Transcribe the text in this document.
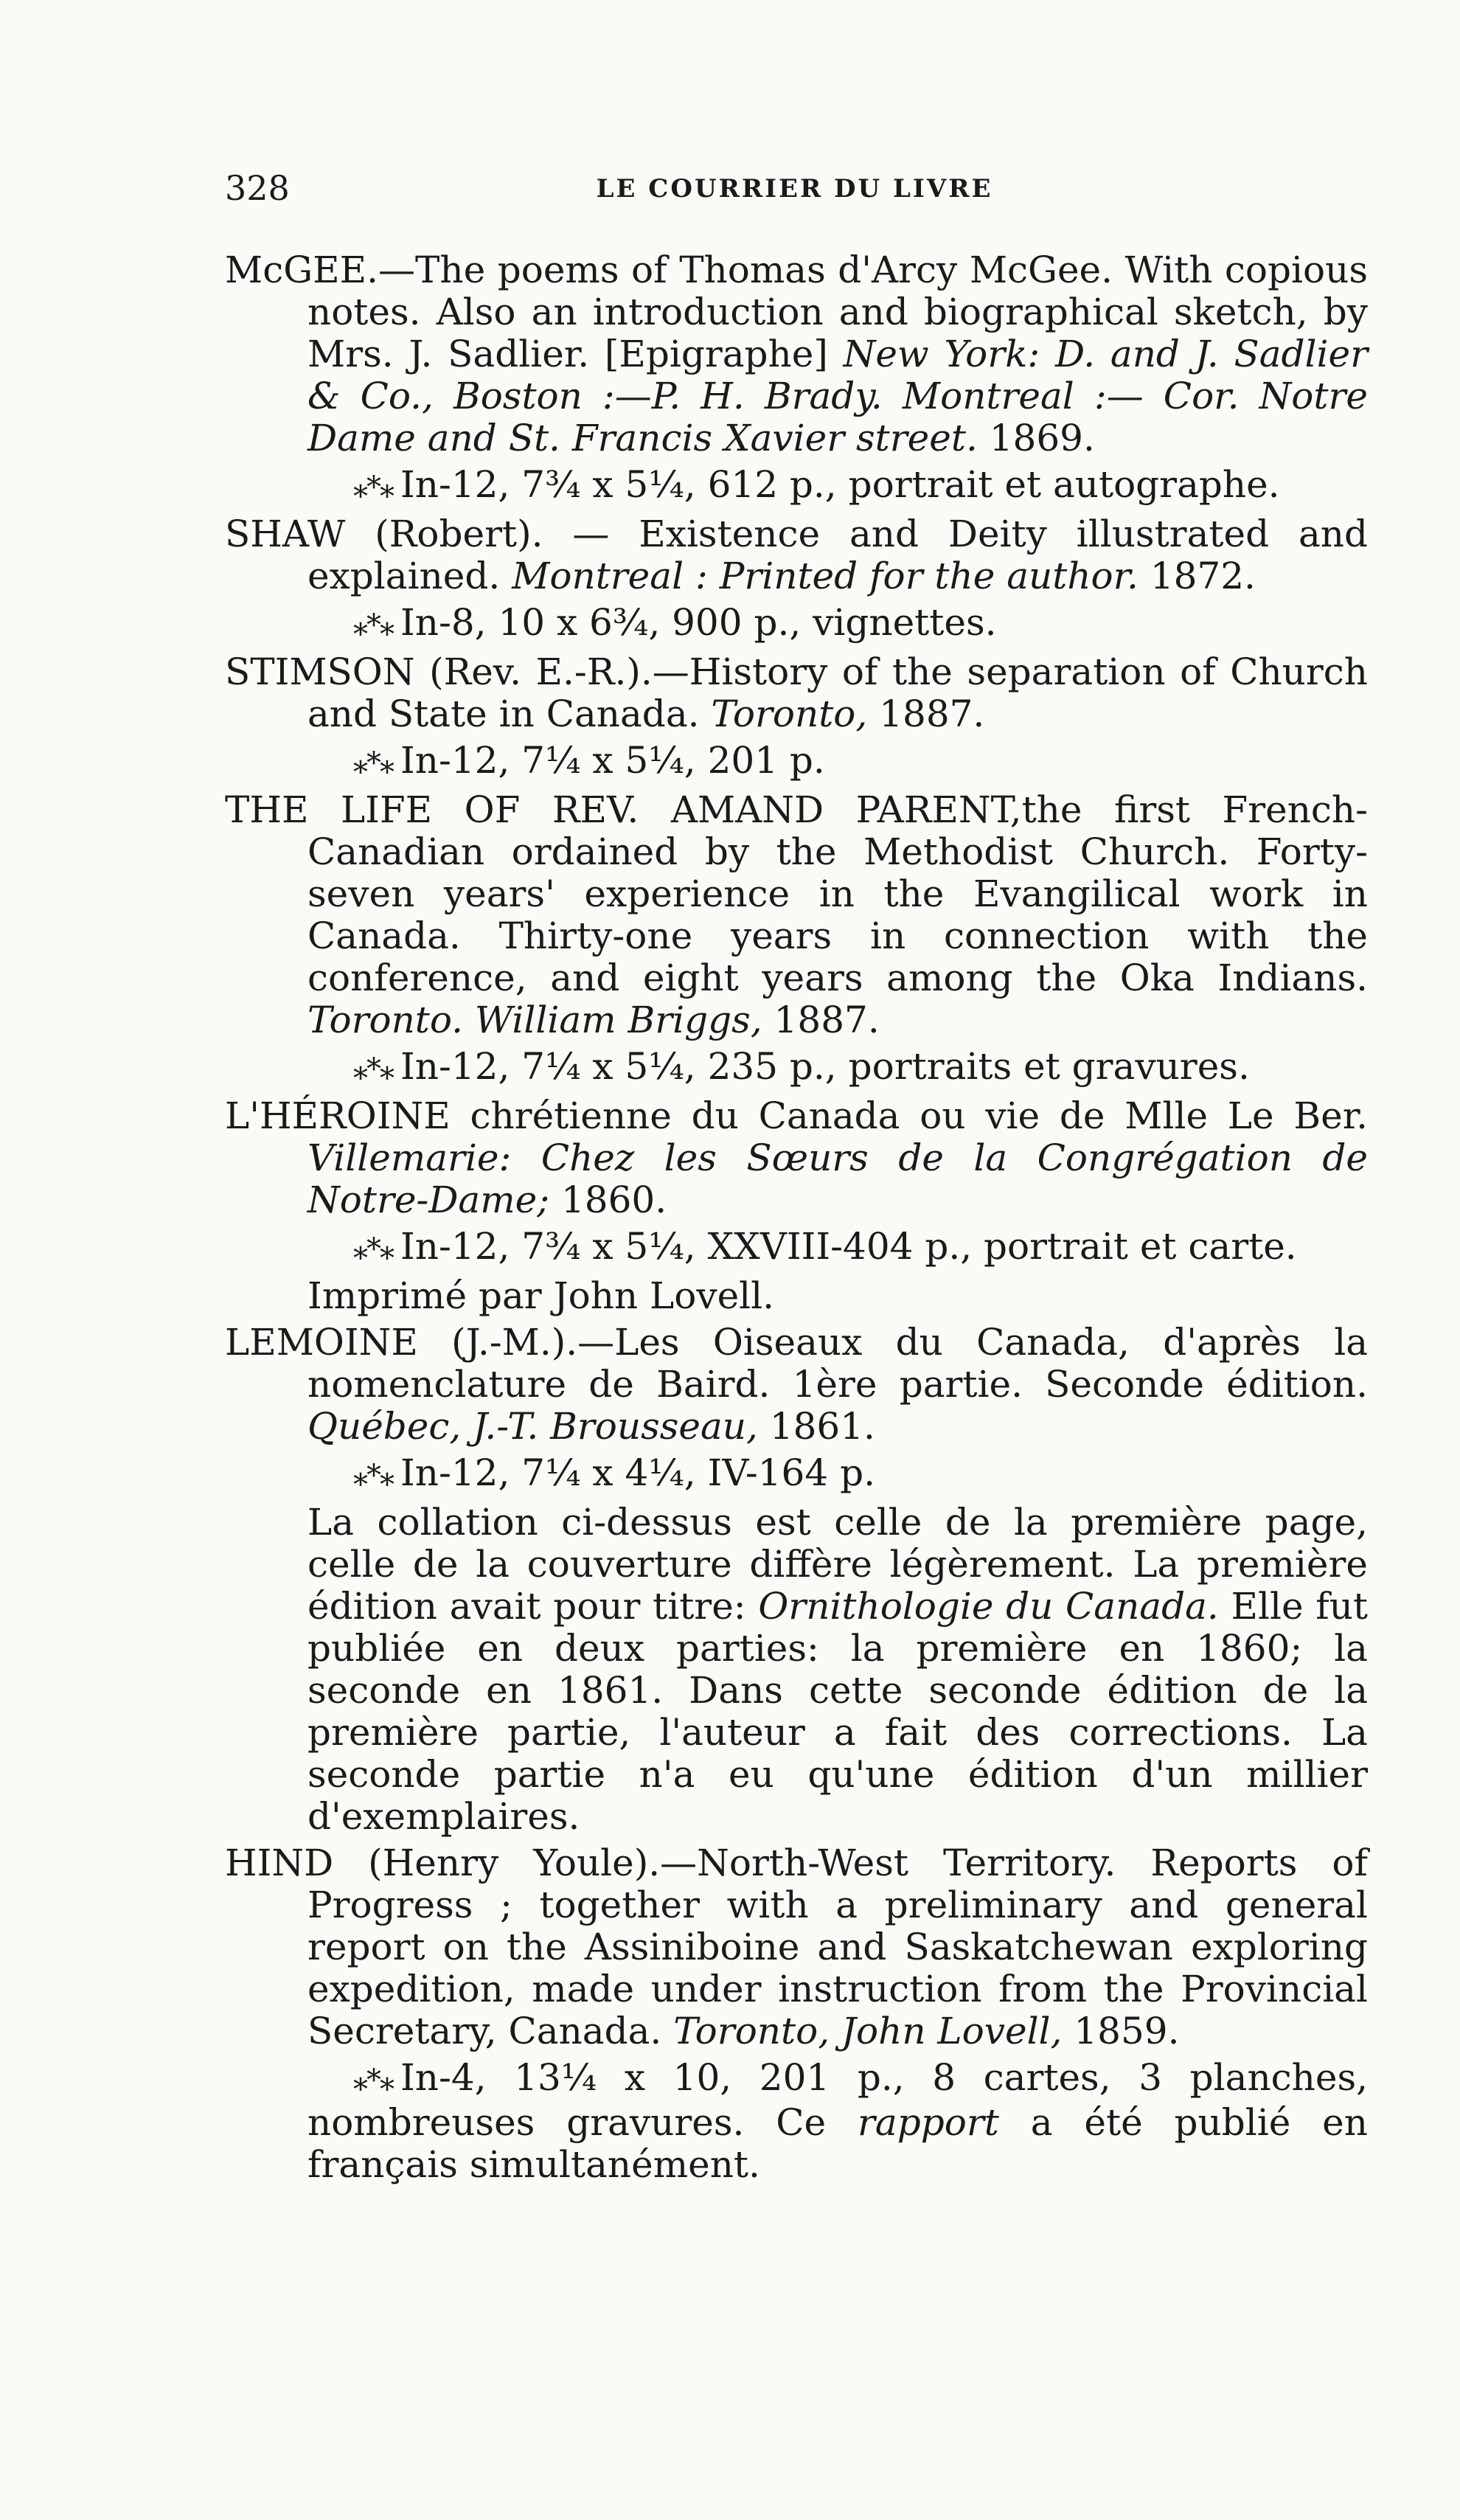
328	LE COURRIER DU LIVRE

McGEE.—The poems of Thomas d'Arcy McGee. With copious notes. Also an introduction and biographical sketch, by Mrs. J. Sadlier. [Epigraphe] New York: D. and J. Sadlier & Co., Boston :—P. H. Brady. Montreal :— Cor. Notre Dame and St. Francis Xavier street. 1869.

⁎*⁎ In-12, 7¾ x 5¼, 612 p., portrait et autographe.

SHAW (Robert). — Existence and Deity illustrated and explained. Montreal : Printed for the author. 1872.

⁎*⁎ In-8, 10 x 6¾, 900 p., vignettes.

STIMSON (Rev. E.-R.).—History of the separation of Church and State in Canada. Toronto, 1887.

⁎*⁎ In-12, 7¼ x 5¼, 201 p.

THE LIFE OF REV. AMAND PARENT,the first French-Canadian ordained by the Methodist Church. Forty-seven years' experience in the Evangilical work in Canada. Thirty-one years in connection with the conference, and eight years among the Oka Indians. Toronto. William Briggs, 1887.

⁎*⁎ In-12, 7¼ x 5¼, 235 p., portraits et gravures.

L'HÉROINE chrétienne du Canada ou vie de Mlle Le Ber. Villemarie: Chez les Sœurs de la Congrégation de Notre-Dame; 1860.

⁎*⁎ In-12, 7¾ x 5¼, XXVIII-404 p., portrait et carte.

Imprimé par John Lovell.

LEMOINE (J.-M.).—Les Oiseaux du Canada, d'après la nomenclature de Baird. 1ère partie. Seconde édition. Québec, J.-T. Brousseau, 1861.

⁎*⁎ In-12, 7¼ x 4¼, IV-164 p.

La collation ci-dessus est celle de la première page, celle de la couverture diffère légèrement. La première édition avait pour titre: Ornithologie du Canada. Elle fut publiée en deux parties: la première en 1860; la seconde en 1861. Dans cette seconde édition de la première partie, l'auteur a fait des corrections. La seconde partie n'a eu qu'une édition d'un millier d'exemplaires.

HIND (Henry Youle).—North-West Territory. Reports of Progress ; together with a preliminary and general report on the Assiniboine and Saskatchewan exploring expedition, made under instruction from the Provincial Secretary, Canada. Toronto, John Lovell, 1859.

⁎*⁎ In-4, 13¼ x 10, 201 p., 8 cartes, 3 planches, nombreuses gravures. Ce rapport a été publié en français simultanément.
